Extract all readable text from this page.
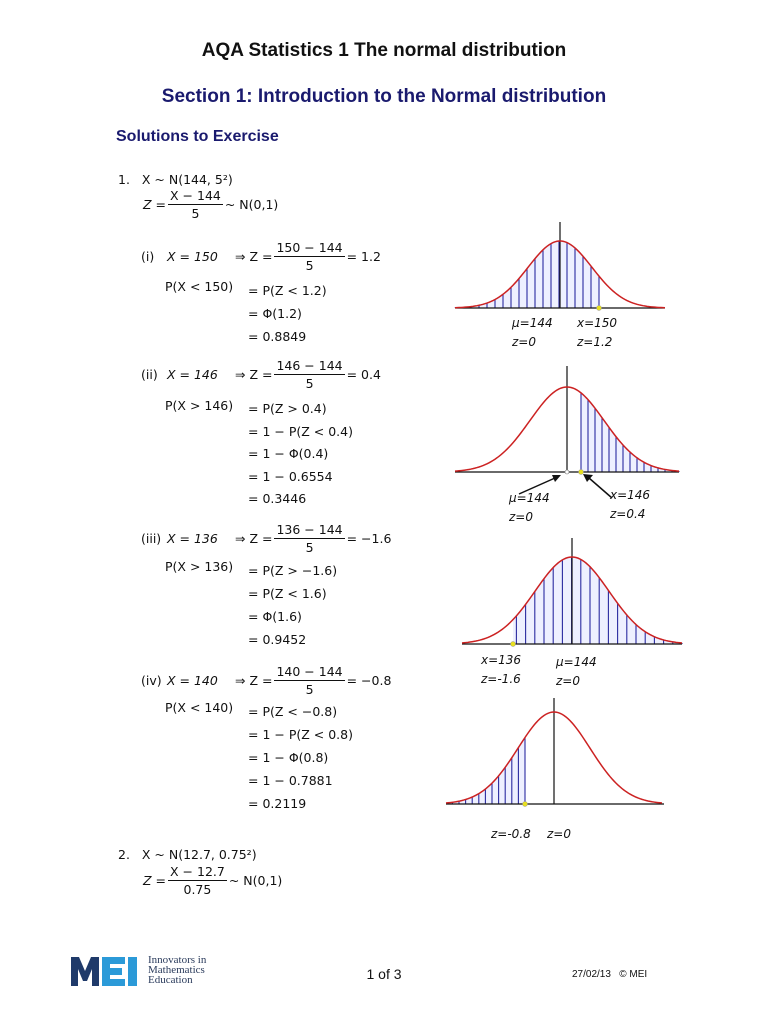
AQA Statistics 1 The normal distribution
Section 1: Introduction to the Normal distribution
Solutions to Exercise
1. X ~ N(144, 5²)
$Z = \frac{X - 144}{5}$ ~ N(0,1)
(i)	X = 150	⇒ $Z = \frac{150 - 144}{5} = 1.2$
P(X < 150) = P(Z < 1.2)
= Φ(1.2)
= 0.8849
(ii) X = 146	⇒ $Z = \frac{146 - 144}{5} = 0.4$
P(X > 146) = P(Z > 0.4)
= 1 − P(Z < 0.4)
= 1 − Φ(0.4)
= 1 − 0.6554
= 0.3446
(iii) X = 136	⇒ $Z = \frac{136 - 144}{5} = -1.6$
P(X > 136) = P(Z > −1.6)
= P(Z < 1.6)
= Φ(1.6)
= 0.9452
(iv) X = 140	⇒ $Z = \frac{140 - 144}{5} = -0.8$
P(X < 140) = P(Z < −0.8)
= 1 − P(Z < 0.8)
= 1 − Φ(0.8)
= 1 − 0.7881
= 0.2119
μ=144
z=0
x=150
z=1.2
μ=144
z=0
x=146
z=0.4
x=136
z=-1.6
μ=144
z=0
z=-0.8 z=0
2. X ~ N(12.7, 0.75²)
$Z = \frac{X - 12.7}{0.75}$ ~ N(0,1)
Innovators in
Mathematics
Education	1 of 3	27/02/13   © MEI
